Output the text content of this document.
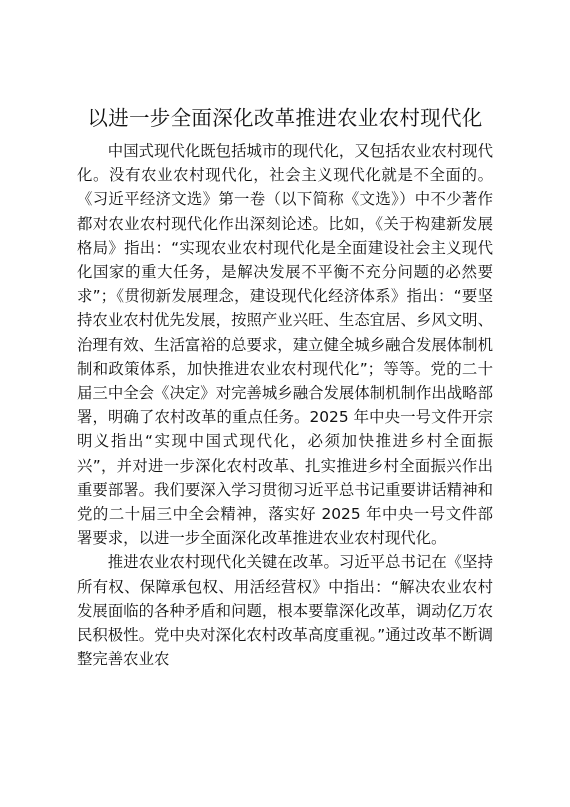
以进一步全面深化改革推进农业农村现代化

中国式现代化既包括城市的现代化，又包括农业农村现代化。没有农业农村现代化，社会主义现代化就是不全面的。《习近平经济文选》第一卷（以下简称《文选》）中不少著作都对农业农村现代化作出深刻论述。比如，《关于构建新发展格局》指出：“实现农业农村现代化是全面建设社会主义现代化国家的重大任务，是解决发展不平衡不充分问题的必然要求”；《贯彻新发展理念，建设现代化经济体系》指出：“要坚持农业农村优先发展，按照产业兴旺、生态宜居、乡风文明、治理有效、生活富裕的总要求，建立健全城乡融合发展体制机制和政策体系，加快推进农业农村现代化”；等等。党的二十届三中全会《决定》对完善城乡融合发展体制机制作出战略部署，明确了农村改革的重点任务。2025 年中央一号文件开宗明义指出“实现中国式现代化，必须加快推进乡村全面振兴”，并对进一步深化农村改革、扎实推进乡村全面振兴作出重要部署。我们要深入学习贯彻习近平总书记重要讲话精神和党的二十届三中全会精神，落实好 2025 年中央一号文件部署要求，以进一步全面深化改革推进农业农村现代化。

推进农业农村现代化关键在改革。习近平总书记在《坚持所有权、保障承包权、用活经营权》中指出：“解决农业农村发展面临的各种矛盾和问题，根本要靠深化改革，调动亿万农民积极性。党中央对深化农村改革高度重视。”通过改革不断调整完善农业农
